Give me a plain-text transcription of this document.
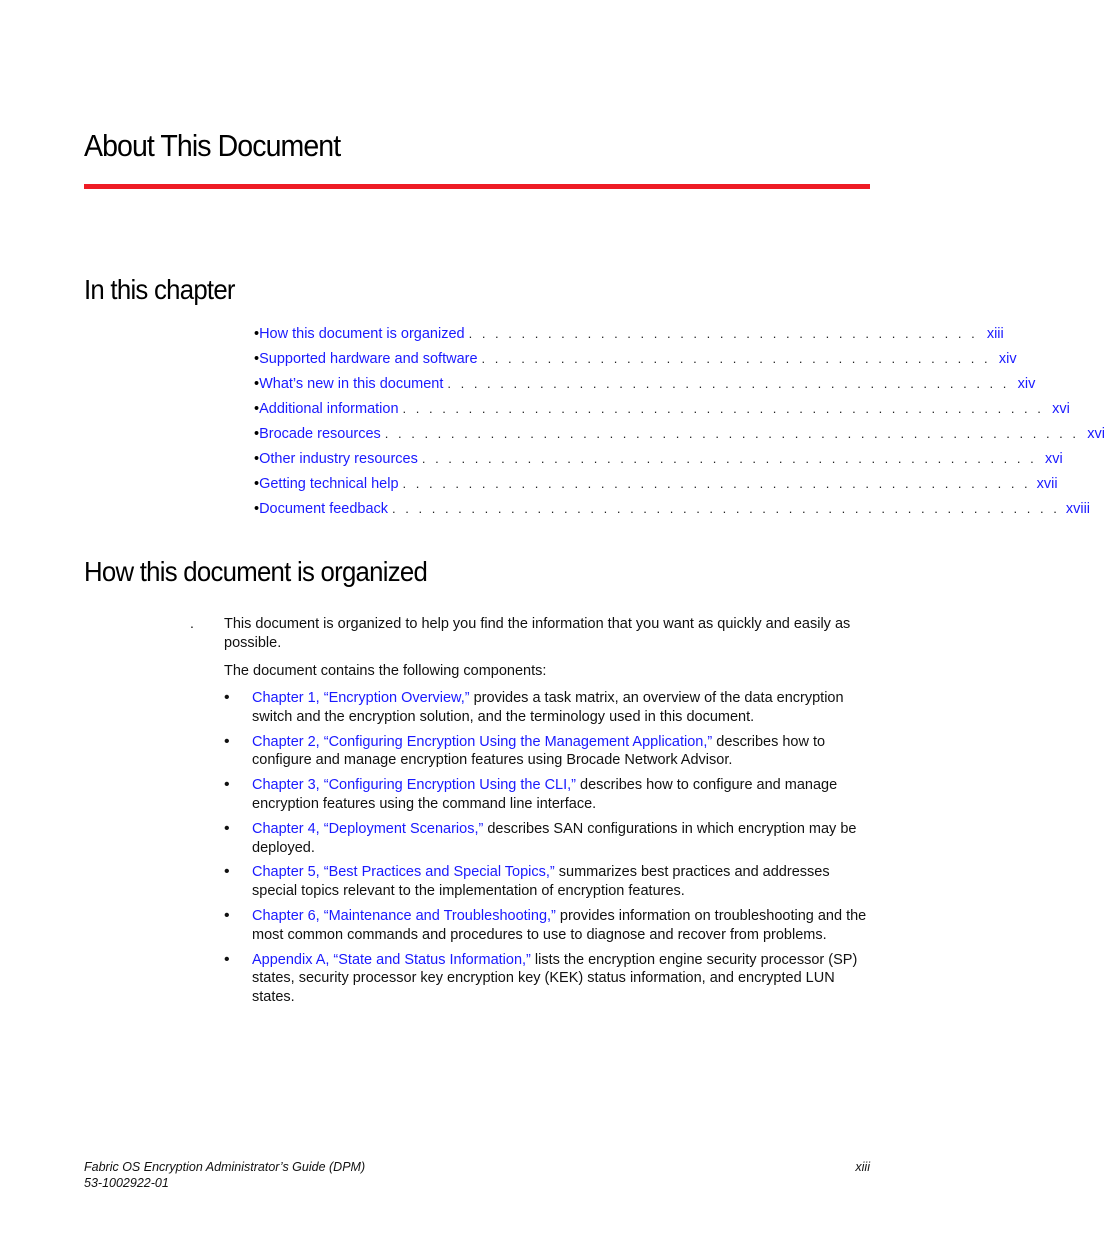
About This Document
In this chapter
• How this document is organized . . . . . . . . . . . . . . . . . . . . . . . . . . . . . . . . . . . . . . . xiii
• Supported hardware and software . . . . . . . . . . . . . . . . . . . . . . . . . . . . . . . . . . . . . . . xiv
• What’s new in this document . . . . . . . . . . . . . . . . . . . . . . . . . . . . . . . . . . . . . . . . . . . xiv
• Additional information . . . . . . . . . . . . . . . . . . . . . . . . . . . . . . . . . . . . . . . . . . . . . . . . . xvi
• Brocade resources . . . . . . . . . . . . . . . . . . . . . . . . . . . . . . . . . . . . . . . . . . . . . . . . . . . . . xvi
• Other industry resources . . . . . . . . . . . . . . . . . . . . . . . . . . . . . . . . . . . . . . . . . . . . . . . xvi
• Getting technical help . . . . . . . . . . . . . . . . . . . . . . . . . . . . . . . . . . . . . . . . . . . . . . . . xvii
• Document feedback . . . . . . . . . . . . . . . . . . . . . . . . . . . . . . . . . . . . . . . . . . . . . . . . . . . xviii
How this document is organized
. This document is organized to help you find the information that you want as quickly and easily as possible.

The document contains the following components:

• Chapter 1, “Encryption Overview,” provides a task matrix, an overview of the data encryption switch and the encryption solution, and the terminology used in this document.
• Chapter 2, “Configuring Encryption Using the Management Application,” describes how to configure and manage encryption features using Brocade Network Advisor.
• Chapter 3, “Configuring Encryption Using the CLI,” describes how to configure and manage encryption features using the command line interface.
• Chapter 4, “Deployment Scenarios,” describes SAN configurations in which encryption may be deployed.
• Chapter 5, “Best Practices and Special Topics,” summarizes best practices and addresses special topics relevant to the implementation of encryption features.
• Chapter 6, “Maintenance and Troubleshooting,” provides information on troubleshooting and the most common commands and procedures to use to diagnose and recover from problems.
• Appendix A, “State and Status Information,” lists the encryption engine security processor (SP) states, security processor key encryption key (KEK) status information, and encrypted LUN states.
Fabric OS Encryption Administrator’s Guide (DPM)
53-1002922-01
xiii
